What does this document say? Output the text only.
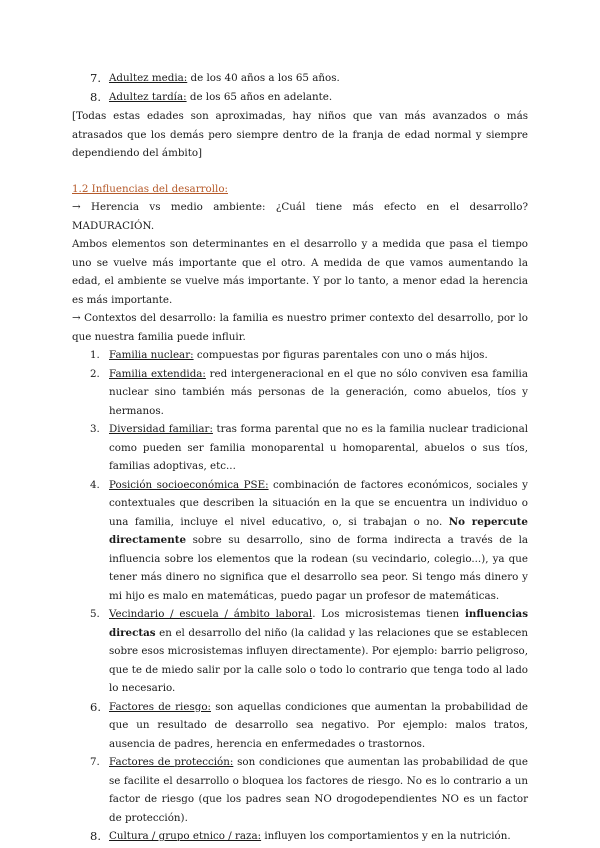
7. Adultez media: de los 40 años a los 65 años.
8. Adultez tardía: de los 65 años en adelante.
[Todas estas edades son aproximadas, hay niños que van más avanzados o más atrasados que los demás pero siempre dentro de la franja de edad normal y siempre dependiendo del ámbito]
1.2 Influencias del desarrollo:
→ Herencia vs medio ambiente: ¿Cuál tiene más efecto en el desarrollo? MADURACIÓN.
Ambos elementos son determinantes en el desarrollo y a medida que pasa el tiempo uno se vuelve más importante que el otro. A medida de que vamos aumentando la edad, el ambiente se vuelve más importante. Y por lo tanto, a menor edad la herencia es más importante.
→ Contextos del desarrollo: la familia es nuestro primer contexto del desarrollo, por lo que nuestra familia puede influir.
1. Familia nuclear: compuestas por figuras parentales con uno o más hijos.
2. Familia extendida: red intergeneracional en el que no sólo conviven esa familia nuclear sino también más personas de la generación, como abuelos, tíos y hermanos.
3. Diversidad familiar: tras forma parental que no es la familia nuclear tradicional como pueden ser familia monoparental u homoparental, abuelos o sus tíos, familias adoptivas, etc...
4. Posición socioeconómica PSE: combinación de factores económicos, sociales y contextuales que describen la situación en la que se encuentra un individuo o una familia, incluye el nivel educativo, o, si trabajan o no. No repercute directamente sobre su desarrollo, sino de forma indirecta a través de la influencia sobre los elementos que la rodean (su vecindario, colegio...), ya que tener más dinero no significa que el desarrollo sea peor. Si tengo más dinero y mi hijo es malo en matemáticas, puedo pagar un profesor de matemáticas.
5. Vecindario / escuela / ámbito laboral. Los microsistemas tienen influencias directas en el desarrollo del niño (la calidad y las relaciones que se establecen sobre esos microsistemas influyen directamente). Por ejemplo: barrio peligroso, que te de miedo salir por la calle solo o todo lo contrario que tenga todo al lado lo necesario.
6. Factores de riesgo: son aquellas condiciones que aumentan la probabilidad de que un resultado de desarrollo sea negativo. Por ejemplo: malos tratos, ausencia de padres, herencia en enfermedades o trastornos.
7. Factores de protección: son condiciones que aumentan las probabilidad de que se facilite el desarrollo o bloquea los factores de riesgo. No es lo contrario a un factor de riesgo (que los padres sean NO drogodependientes NO es un factor de protección).
8. Cultura / grupo etnico / raza: influyen los comportamientos y en la nutrición.
